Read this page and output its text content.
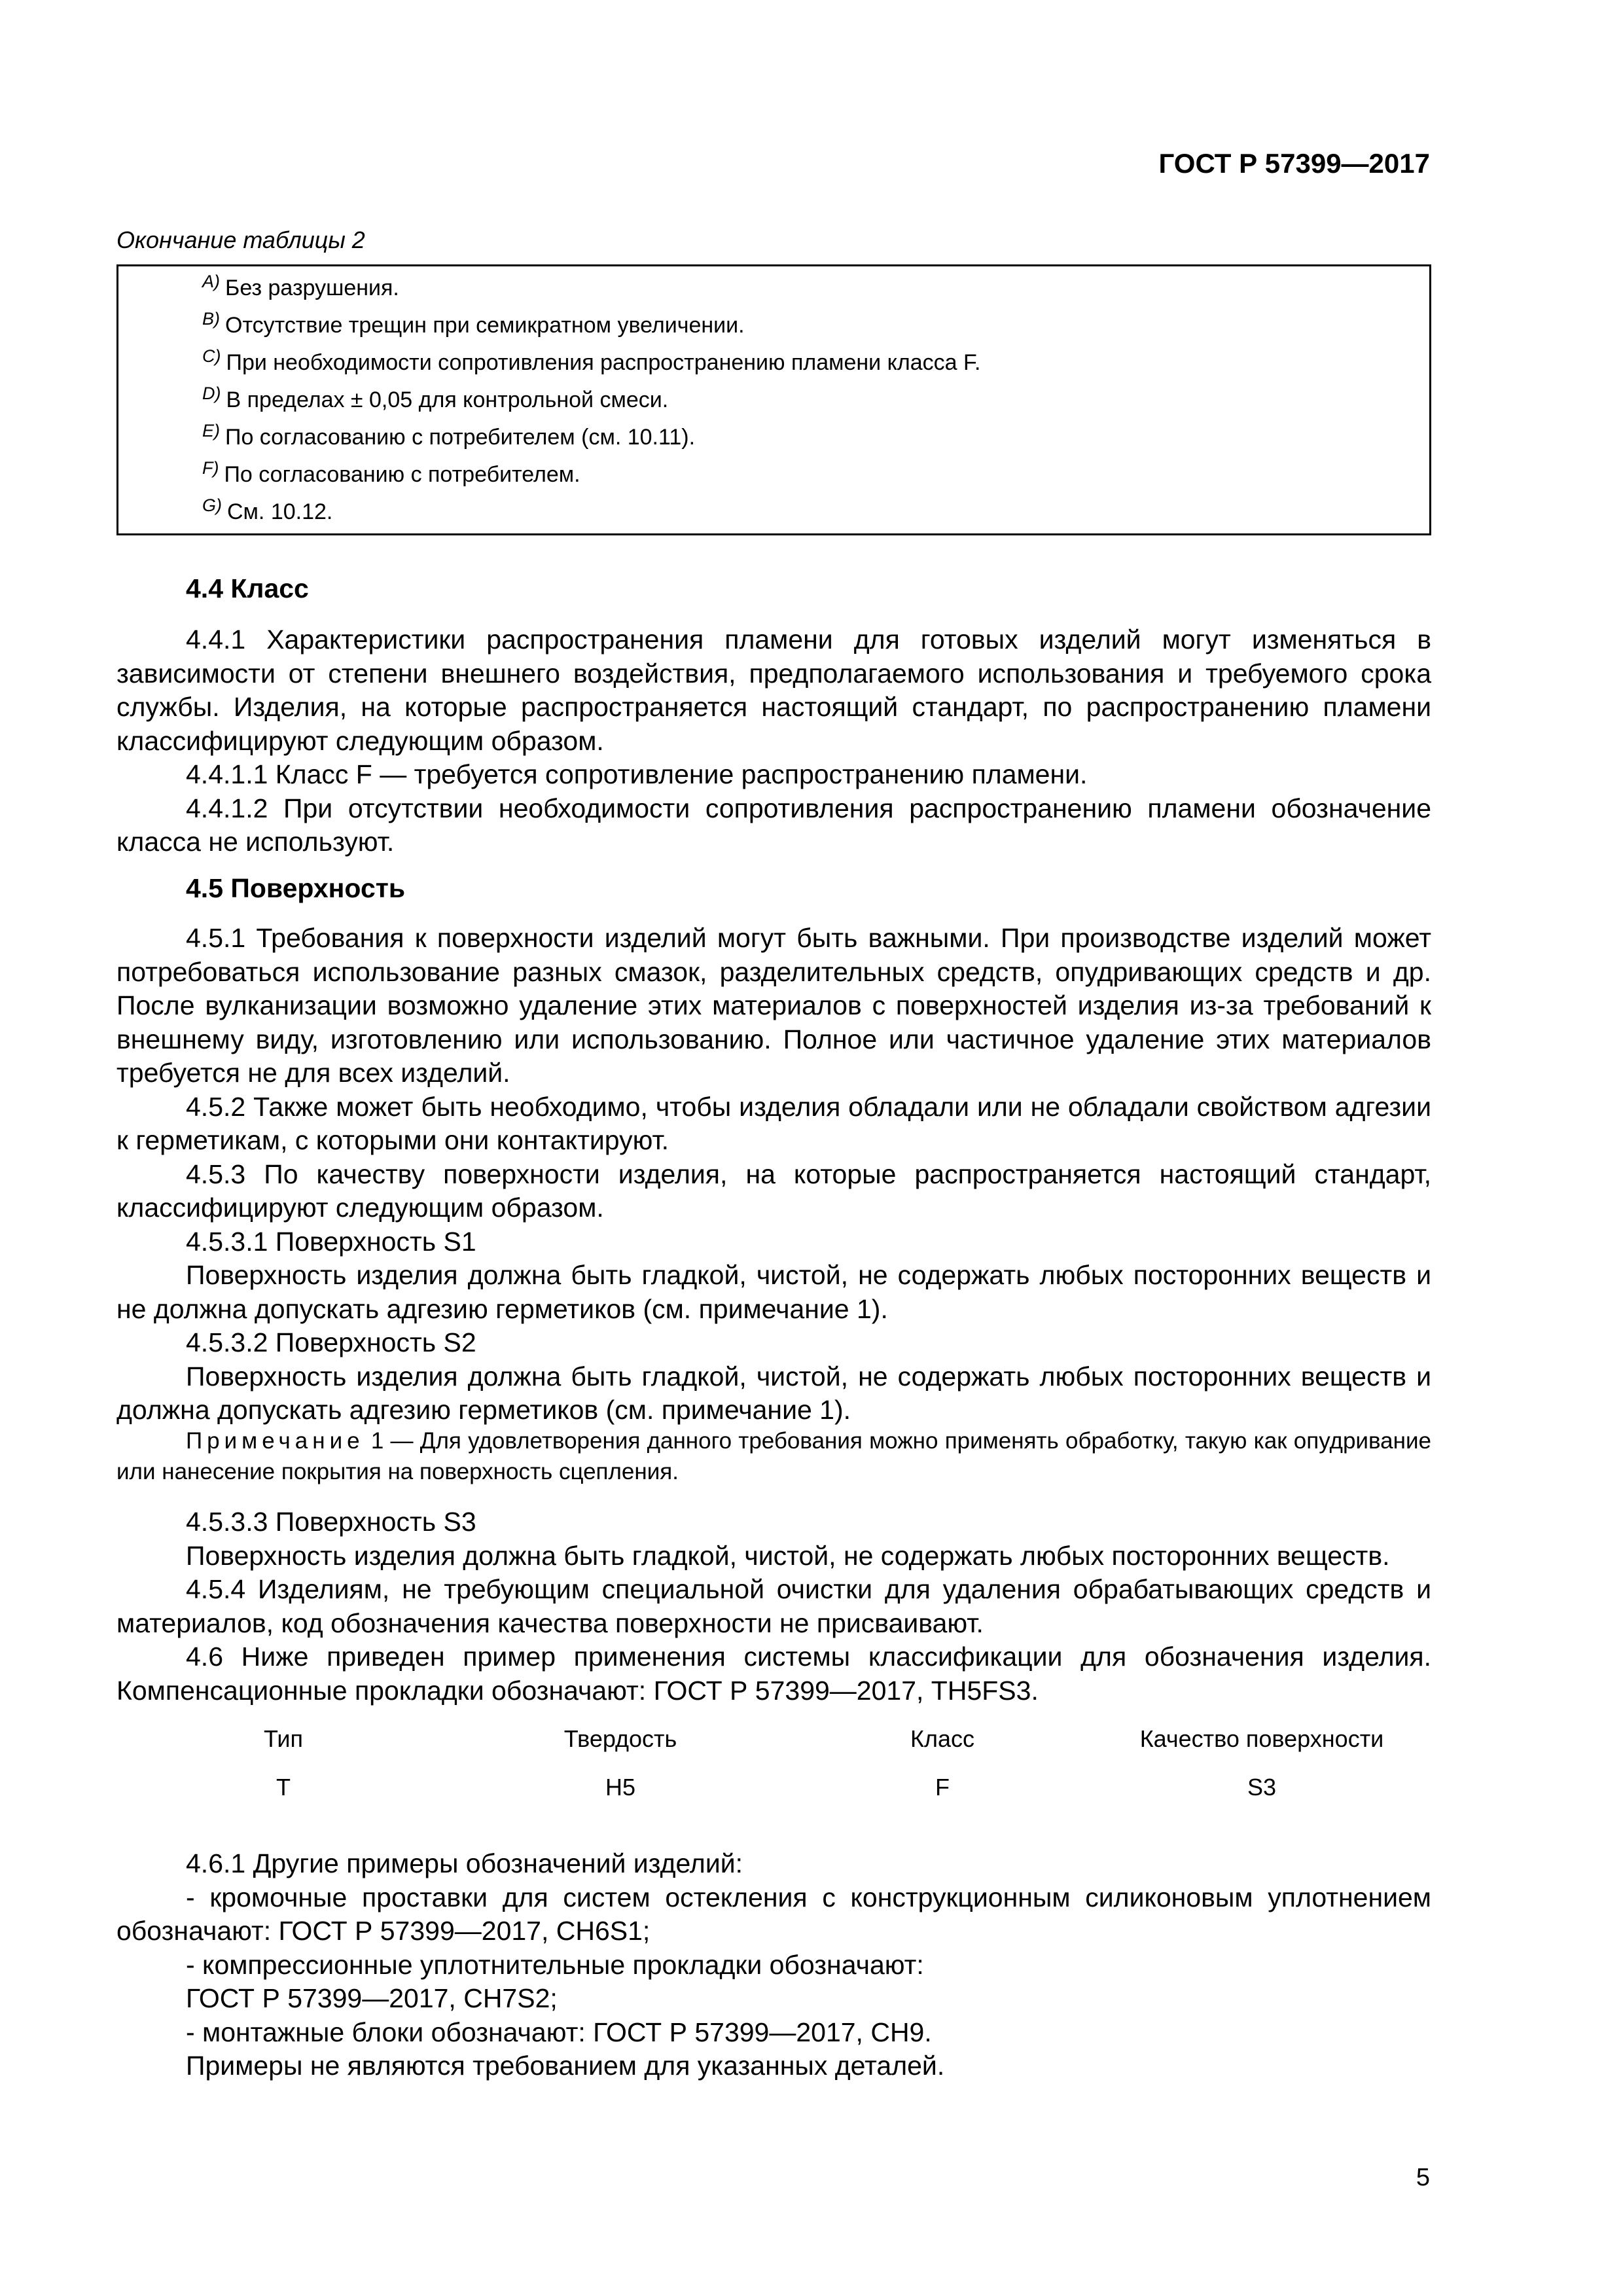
ГОСТ Р 57399—2017
Окончание таблицы 2
$^{A)}$ Без разрушения.
$^{B)}$ Отсутствие трещин при семикратном увеличении.
$^{C)}$ При необходимости сопротивления распространению пламени класса F.
$^{D)}$ В пределах ± 0,05 для контрольной смеси.
$^{E)}$ По согласованию с потребителем (см. 10.11).
$^{F)}$ По согласованию с потребителем.
$^{G)}$ См. 10.12.
4.4 Класс

4.4.1 Характеристики распространения пламени для готовых изделий могут изменяться в зависимости от степени внешнего воздействия, предполагаемого использования и требуемого срока службы. Изделия, на которые распространяется настоящий стандарт, по распространению пламени классифицируют следующим образом.

4.4.1.1 Класс F — требуется сопротивление распространению пламени.

4.4.1.2 При отсутствии необходимости сопротивления распространению пламени обозначение класса не используют.

4.5 Поверхность

4.5.1 Требования к поверхности изделий могут быть важными. При производстве изделий может потребоваться использование разных смазок, разделительных средств, опудривающих средств и др. После вулканизации возможно удаление этих материалов с поверхностей изделия из-за требований к внешнему виду, изготовлению или использованию. Полное или частичное удаление этих материалов требуется не для всех изделий.

4.5.2 Также может быть необходимо, чтобы изделия обладали или не обладали свойством адгезии к герметикам, с которыми они контактируют.

4.5.3 По качеству поверхности изделия, на которые распространяется настоящий стандарт, классифицируют следующим образом.

4.5.3.1 Поверхность S1

Поверхность изделия должна быть гладкой, чистой, не содержать любых посторонних веществ и не должна допускать адгезию герметиков (см. примечание 1).

4.5.3.2 Поверхность S2

Поверхность изделия должна быть гладкой, чистой, не содержать любых посторонних веществ и должна допускать адгезию герметиков (см. примечание 1).

Примечание 1 — Для удовлетворения данного требования можно применять обработку, такую как опудривание или нанесение покрытия на поверхность сцепления.

4.5.3.3 Поверхность S3

Поверхность изделия должна быть гладкой, чистой, не содержать любых посторонних веществ.

4.5.4 Изделиям, не требующим специальной очистки для удаления обрабатывающих средств и материалов, код обозначения качества поверхности не присваивают.

4.6 Ниже приведен пример применения системы классификации для обозначения изделия. Компенсационные прокладки обозначают: ГОСТ Р 57399—2017, TH5FS3.

Тип	Твердость	Класс	Качество поверхности
T	H5	F	S3

4.6.1 Другие примеры обозначений изделий:

- кромочные проставки для систем остекления с конструкционным силиконовым уплотнением обозначают: ГОСТ Р 57399—2017, CH6S1;

- компрессионные уплотнительные прокладки обозначают:

ГОСТ Р 57399—2017, CH7S2;

- монтажные блоки обозначают: ГОСТ Р 57399—2017, CH9.

Примеры не являются требованием для указанных деталей.

5
